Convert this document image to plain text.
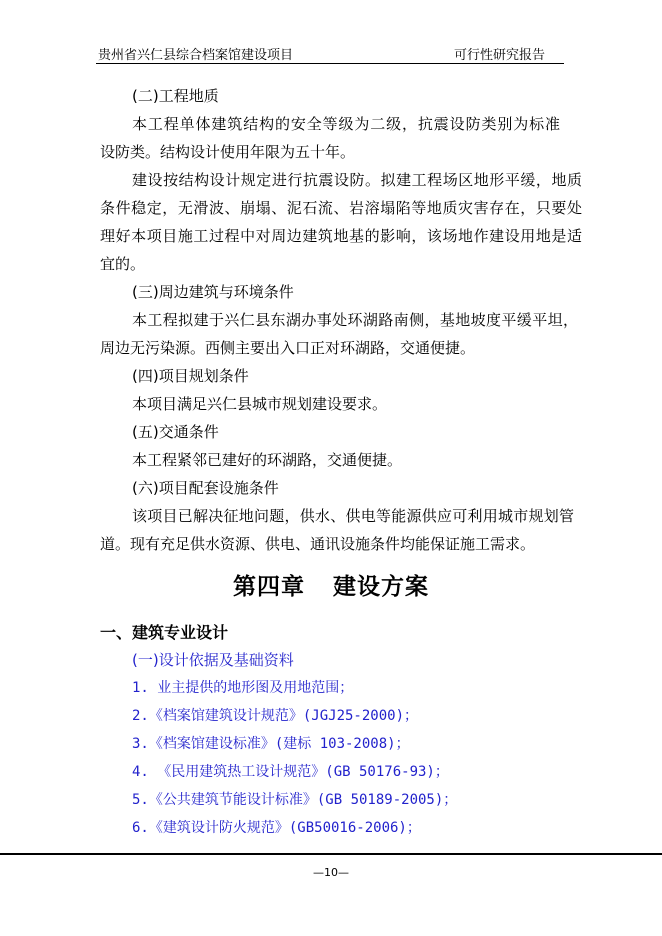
贵州省兴仁县综合档案馆建设项目	可行性研究报告
(二)工程地质
本工程单体建筑结构的安全等级为二级，抗震设防类别为标准
设防类。结构设计使用年限为五十年。
建设按结构设计规定进行抗震设防。拟建工程场区地形平缓，地质
条件稳定，无滑波、崩塌、泥石流、岩溶塌陷等地质灾害存在，只要处
理好本项目施工过程中对周边建筑地基的影响，该场地作建设用地是适
宜的。
(三)周边建筑与环境条件
本工程拟建于兴仁县东湖办事处环湖路南侧，基地坡度平缓平坦，
周边无污染源。西侧主要出入口正对环湖路，交通便捷。
(四)项目规划条件
本项目满足兴仁县城市规划建设要求。
(五)交通条件
本工程紧邻已建好的环湖路，交通便捷。
(六)项目配套设施条件
该项目已解决征地问题，供水、供电等能源供应可利用城市规划管
道。现有充足供水资源、供电、通讯设施条件均能保证施工需求。
第四章 建设方案
一、建筑专业设计
(一)设计依据及基础资料
1. 业主提供的地形图及用地范围；
2.《档案馆建筑设计规范》(JGJ25-2000)；
3.《档案馆建设标准》(建标 103-2008)；
4. 《民用建筑热工设计规范》(GB 50176-93)；
5.《公共建筑节能设计标准》(GB 50189-2005)；
6.《建筑设计防火规范》(GB50016-2006)；
—10—
